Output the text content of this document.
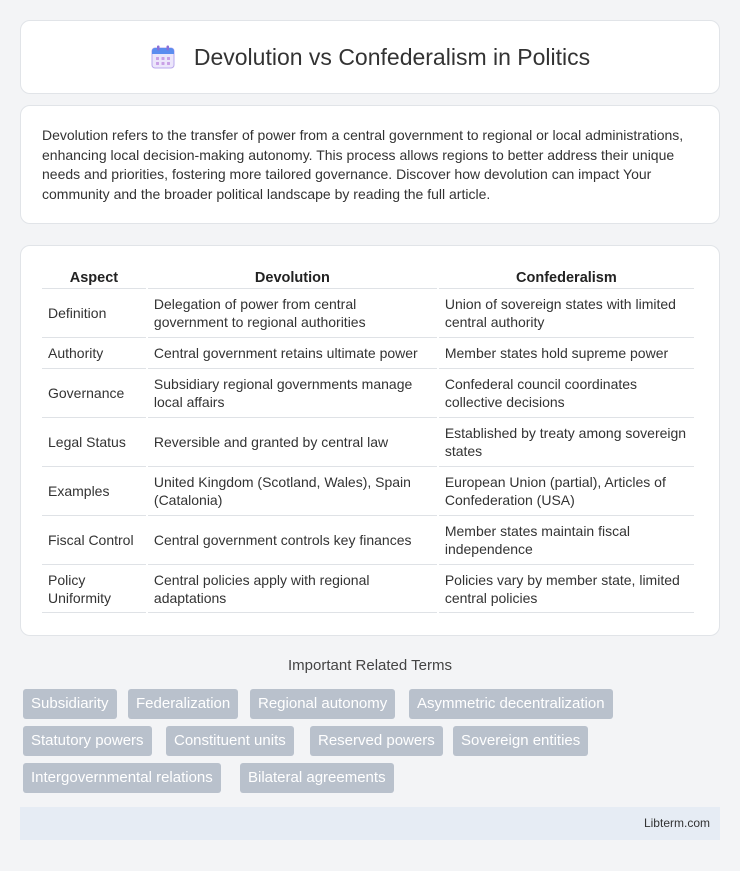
Devolution vs Confederalism in Politics

Devolution refers to the transfer of power from a central government to regional or local administrations, enhancing local decision-making autonomy. This process allows regions to better address their unique needs and priorities, fostering more tailored governance. Discover how devolution can impact Your community and the broader political landscape by reading the full article.

Aspect	Devolution	Confederalism
Definition	Delegation of power from central government to regional authorities	Union of sovereign states with limited central authority
Authority	Central government retains ultimate power	Member states hold supreme power
Governance	Subsidiary regional governments manage local affairs	Confederal council coordinates collective decisions
Legal Status	Reversible and granted by central law	Established by treaty among sovereign states
Examples	United Kingdom (Scotland, Wales), Spain (Catalonia)	European Union (partial), Articles of Confederation (USA)
Fiscal Control	Central government controls key finances	Member states maintain fiscal independence
Policy Uniformity	Central policies apply with regional adaptations	Policies vary by member state, limited central policies
Important Related Terms
Subsidiarity	Federalization	Regional autonomy	Asymmetric decentralization
Statutory powers	Constituent units	Reserved powers	Sovereign entities
Intergovernmental relations	Bilateral agreements
Libterm.com
